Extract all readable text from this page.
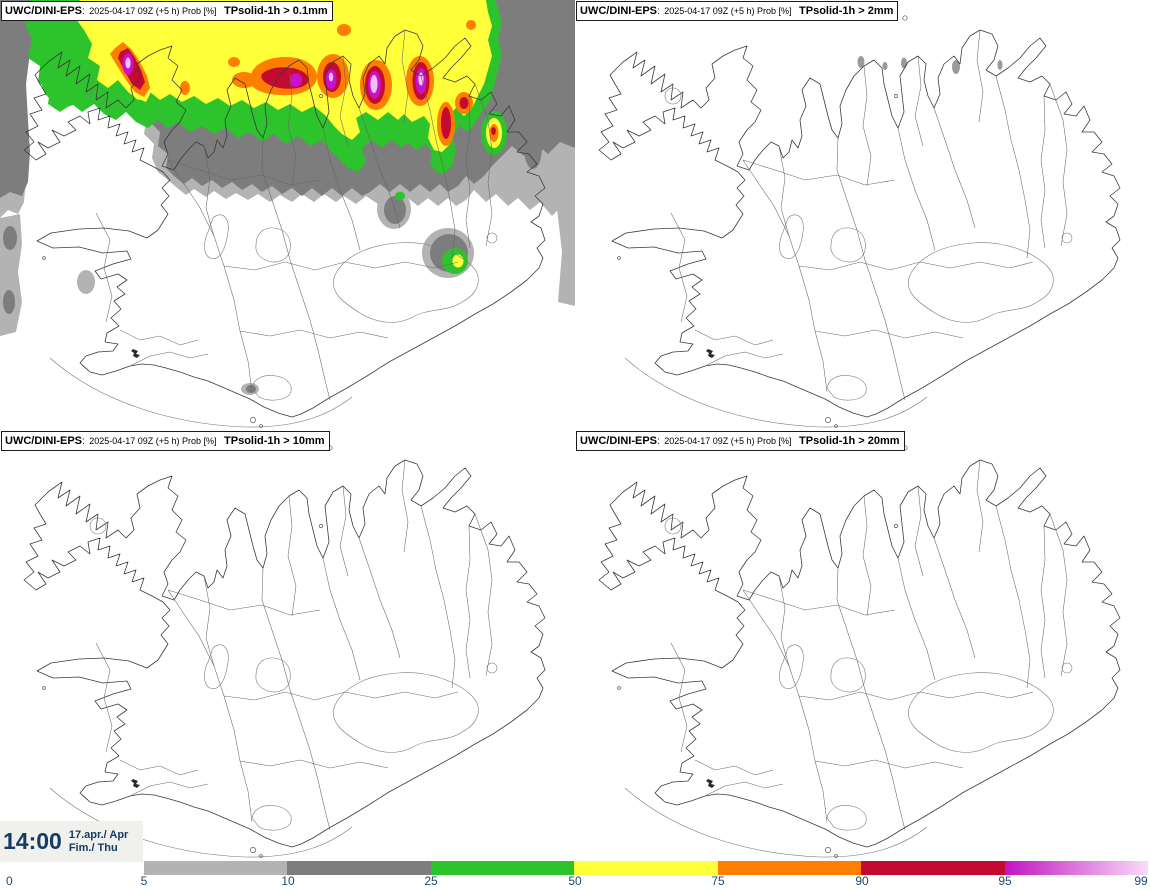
UWC/DINI-EPS: 2025-04-17 09Z (+5 h) Prob [%] TPsolid-1h > 0.1mm	UWC/DINI-EPS: 2025-04-17 09Z (+5 h) Prob [%] TPsolid-1h > 2mm
UWC/DINI-EPS: 2025-04-17 09Z (+5 h) Prob [%] TPsolid-1h > 10mm	UWC/DINI-EPS: 2025-04-17 09Z (+5 h) Prob [%] TPsolid-1h > 20mm
14:00 17.apr./ Apr
Fim./ Thu
0	5	10	25	50	75	90	95	99
